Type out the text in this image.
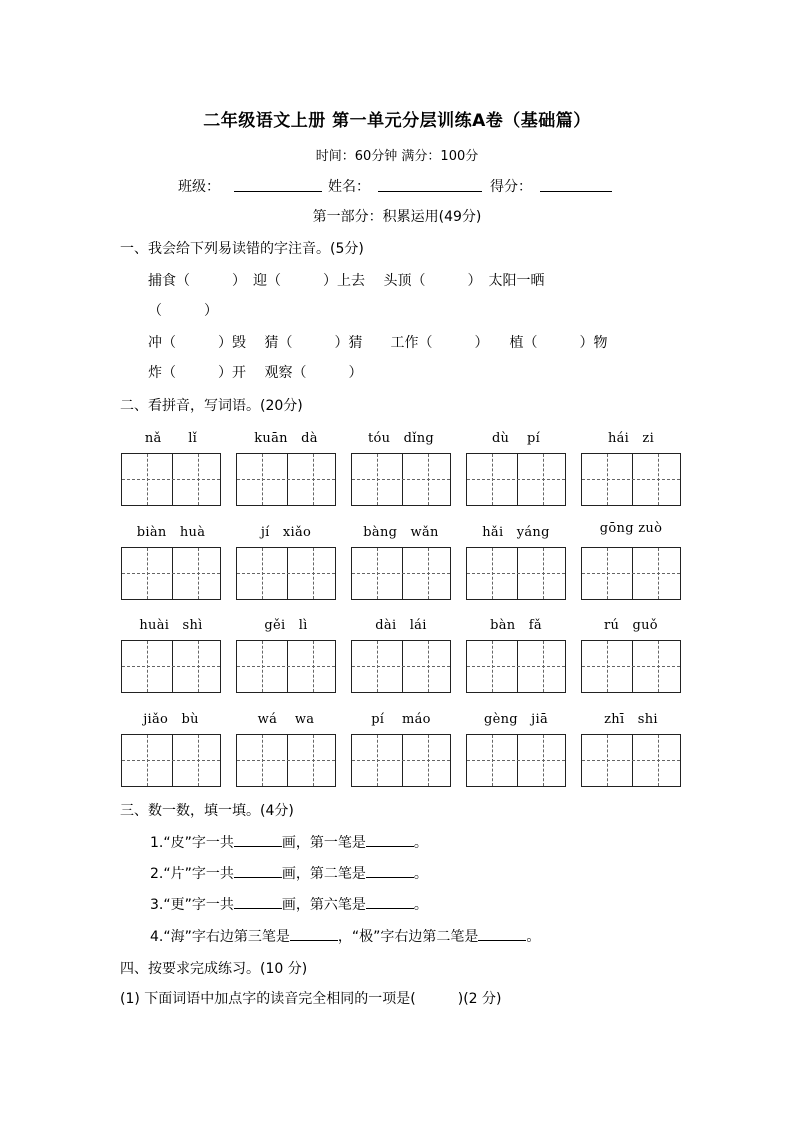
二年级语文上册 第一单元分层训练A卷（基础篇）
时间：60分钟 满分：100分
班级：	姓名：	得分：
第一部分：积累运用(49分)
一、我会给下列易读错的字注音。(5分)
捕食（　　　）　迎（　　　）上去　 头顶（　　　）　太阳一晒
（　　　）
冲（　　　）毁　 猜（　　　）猜　　工作（　　　）　　植（　　　）物
炸（　　　）开　 观察（　　　）
二、看拼音，写词语。(20分)
nǎ　　lǐ	kuān　dà	tóu　dǐng	dù　 pí	hái　zi
biàn　huà	jí　xiǎo	bàng　wǎn	hǎi　yáng	gōng zuò
huài　shì	gěi　lì	dài　lái	bàn　fǎ	rú　guǒ
jiǎo　bù	wá　 wa	pí　 máo	gèng　jiā	zhī　shi
三、数一数，填一填。(4分)
1.“皮”字一共	画，第一笔是	。
2.“片”字一共	画，第二笔是	。
3.“更”字一共	画，第六笔是	。
4.“海”字右边第三笔是	，“极”字右边第二笔是	。
四、按要求完成练习。(10 分)
(1) 下面词语中加点字的读音完全相同的一项是(　　　)(2 分)
